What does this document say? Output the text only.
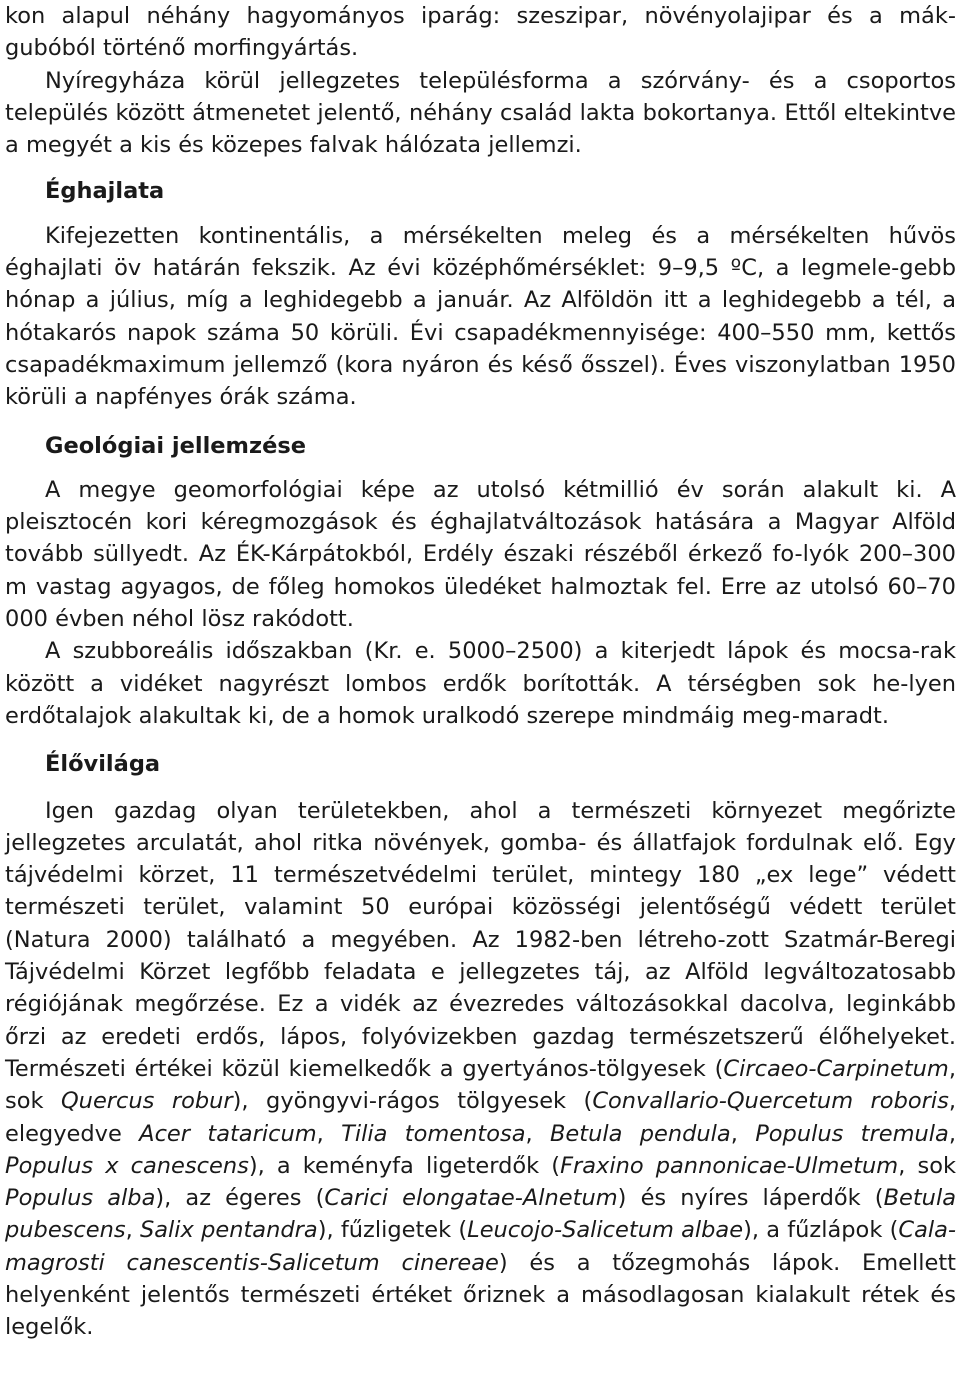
kon alapul néhány hagyományos iparág: szeszipar, növényolajipar és a mák-gubóból történő morfingyártás.

Nyíregyháza körül jellegzetes településforma a szórvány- és a csoportos település között átmenetet jelentő, néhány család lakta bokortanya. Ettől eltekintve a megyét a kis és közepes falvak hálózata jellemzi.

Éghajlata

Kifejezetten kontinentális, a mérsékelten meleg és a mérsékelten hűvös éghajlati öv határán fekszik. Az évi középhőmérséklet: 9–9,5 ºC, a legmele-gebb hónap a július, míg a leghidegebb a január. Az Alföldön itt a leghidegebb a tél, a hótakarós napok száma 50 körüli. Évi csapadékmennyisége: 400–550 mm, kettős csapadékmaximum jellemző (kora nyáron és késő ősszel). Éves viszonylatban 1950 körüli a napfényes órák száma.

Geológiai jellemzése

A megye geomorfológiai képe az utolsó kétmillió év során alakult ki. A pleisztocén kori kéregmozgások és éghajlatváltozások hatására a Magyar Alföld tovább süllyedt. Az ÉK-Kárpátokból, Erdély északi részéből érkező fo-lyók 200–300 m vastag agyagos, de főleg homokos üledéket halmoztak fel. Erre az utolsó 60–70 000 évben néhol lösz rakódott.

A szubboreális időszakban (Kr. e. 5000–2500) a kiterjedt lápok és mocsa-rak között a vidéket nagyrészt lombos erdők borították. A térségben sok he-lyen erdőtalajok alakultak ki, de a homok uralkodó szerepe mindmáig meg-maradt.

Élővilága

Igen gazdag olyan területekben, ahol a természeti környezet megőrizte jellegzetes arculatát, ahol ritka növények, gomba- és állatfajok fordulnak elő. Egy tájvédelmi körzet, 11 természetvédelmi terület, mintegy 180 „ex lege” védett természeti terület, valamint 50 európai közösségi jelentőségű védett terület (Natura 2000) található a megyében. Az 1982-ben létreho-zott Szatmár-Beregi Tájvédelmi Körzet legfőbb feladata e jellegzetes táj, az Alföld legváltozatosabb régiójának megőrzése. Ez a vidék az évezredes változásokkal dacolva, leginkább őrzi az eredeti erdős, lápos, folyóvizekben gazdag természetszerű élőhelyeket. Természeti értékei közül kiemelkedők a gyertyános-tölgyesek (Circaeo-Carpinetum, sok Quercus robur), gyöngyvi-rágos tölgyesek (Convallario-Quercetum roboris, elegyedve Acer tataricum, Tilia tomentosa, Betula pendula, Populus tremula, Populus x canescens), a keményfa ligeterdők (Fraxino pannonicae-Ulmetum, sok Populus alba), az égeres (Carici elongatae-Alnetum) és nyíres láperdők (Betula pubescens, Salix pentandra), fűzligetek (Leucojo-Salicetum albae), a fűzlápok (Cala-magrosti canescentis-Salicetum cinereae) és a tőzegmohás lápok. Emellett helyenként jelentős természeti értéket őriznek a másodlagosan kialakult rétek és legelők.
